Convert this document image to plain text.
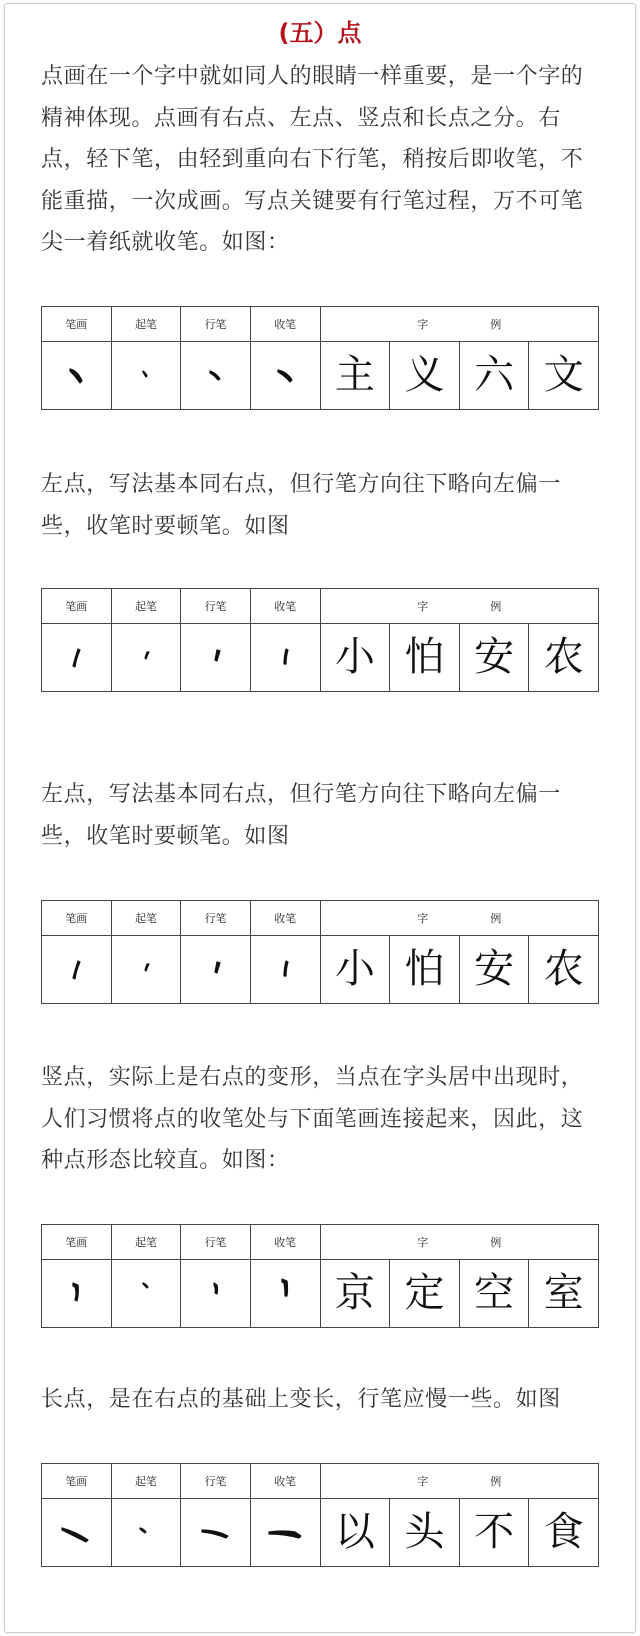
(五）点
点画在一个字中就如同人的眼睛一样重要，是一个字的
精神体现。点画有右点、左点、竖点和长点之分。右
点，轻下笔，由轻到重向右下行笔，稍按后即收笔，不
能重描，一次成画。写点关键要有行笔过程，万不可笔
尖一着纸就收笔。如图：
左点，写法基本同右点，但行笔方向往下略向左偏一
些，收笔时要顿笔。如图
左点，写法基本同右点，但行笔方向往下略向左偏一
些，收笔时要顿笔。如图
竖点，实际上是右点的变形，当点在字头居中出现时，
人们习惯将点的收笔处与下面笔画连接起来，因此，这
种点形态比较直。如图：
长点，是在右点的基础上变长，行笔应慢一些。如图
笔画	起笔	行笔	收笔	字 例			

	主	义	六	文
笔画	起笔	行笔	收笔	字 例			

	小	怕	安	农
笔画	起笔	行笔	收笔	字 例			

	小	怕	安	农
笔画	起笔	行笔	收笔	字 例			

	京	定	空	室
笔画	起笔	行笔	收笔	字 例			

	以	头	不	食
